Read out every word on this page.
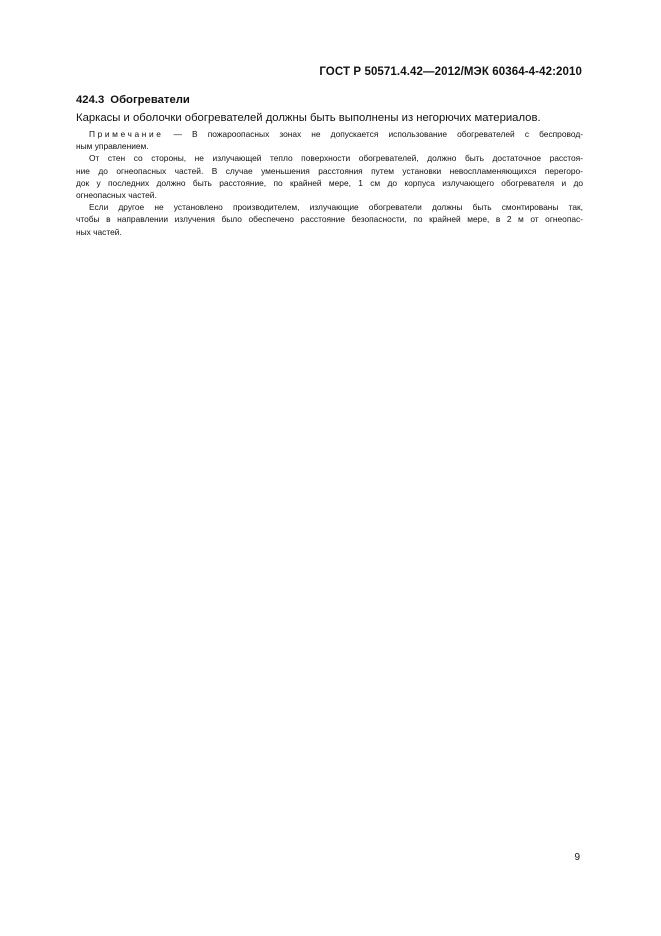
ГОСТ Р 50571.4.42—2012/МЭК 60364-4-42:2010
424.3 Обогреватели
Каркасы и оболочки обогревателей должны быть выполнены из негорючих материалов.

Примечание — В пожароопасных зонах не допускается использование обогревателей с беспровод-
ным управлением.

От стен со стороны, не излучающей тепло поверхности обогревателей, должно быть достаточное расстоя-
ние до огнеопасных частей. В случае уменьшения расстояния путем установки невоспламеняющихся перегоро-
док у последних должно быть расстояние, по крайней мере, 1 см до корпуса излучающего обогревателя и до
огнеопасных частей.

Если другое не установлено производителем, излучающие обогреватели должны быть смонтированы так,
чтобы в направлении излучения было обеспечено расстояние безопасности, по крайней мере, в 2 м от огнеопас-
ных частей.

9
